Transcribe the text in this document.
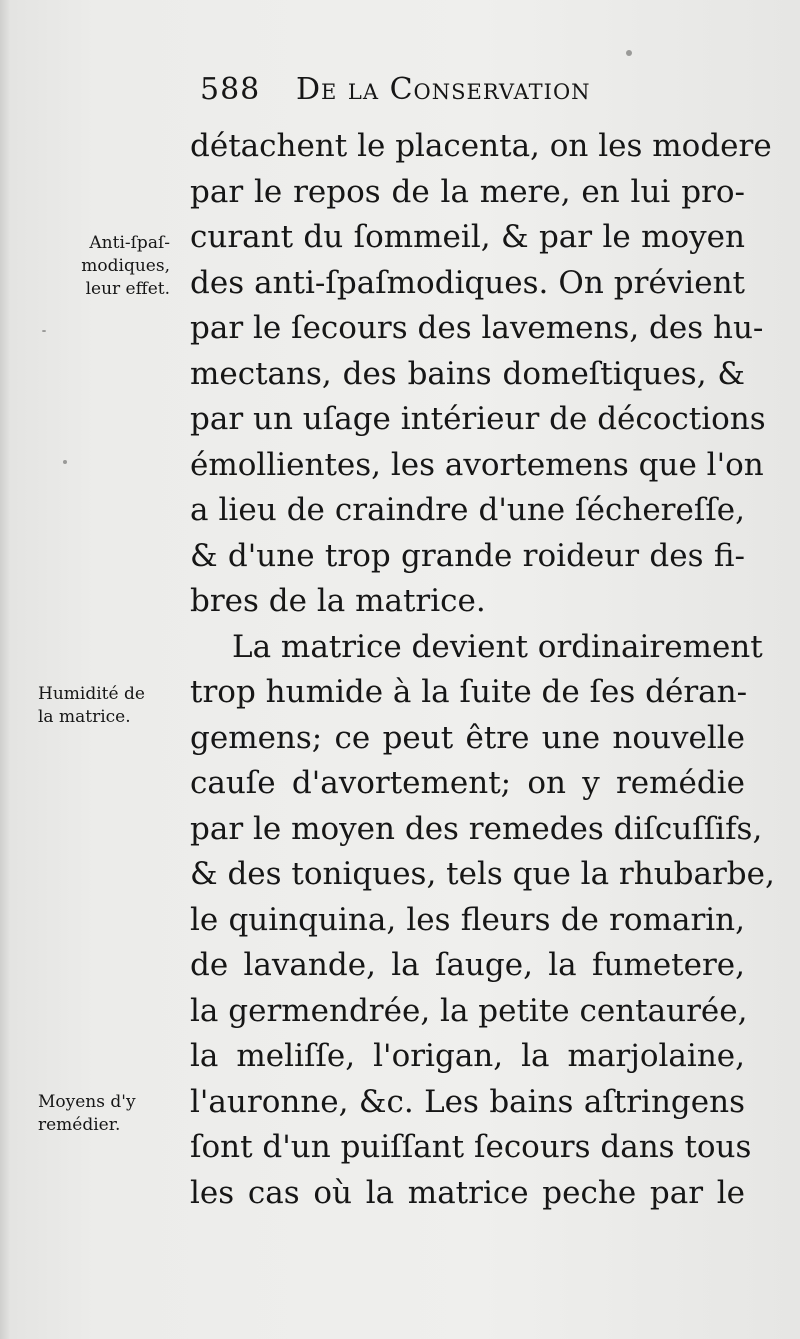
588 De la Conservation
Anti-ſpaſ-
modiques,
leur effet.
Humidité de
la matrice.
Moyens d'y
remédier.
détachent le placenta, on les modere
par le repos de la mere, en lui pro-
curant du ſommeil, & par le moyen
des anti-ſpaſmodiques. On prévient
par le ſecours des lavemens, des hu-
mectans, des bains domeſtiques, &
par un uſage intérieur de décoctions
émollientes, les avortemens que l'on
a lieu de craindre d'une ſéchereſſe,
& d'une trop grande roideur des fi-
bres de la matrice.
La matrice devient ordinairement
trop humide à la ſuite de ſes déran-
gemens; ce peut être une nouvelle
cauſe d'avortement; on y remédie
par le moyen des remedes diſcuſſifs,
& des toniques, tels que la rhubarbe,
le quinquina, les fleurs de romarin,
de lavande, la ſauge, la fumetere,
la germendrée, la petite centaurée,
la meliſſe, l'origan, la marjolaine,
l'auronne, &c. Les bains aſtringens
ſont d'un puiſſant ſecours dans tous
les cas où la matrice peche par le
